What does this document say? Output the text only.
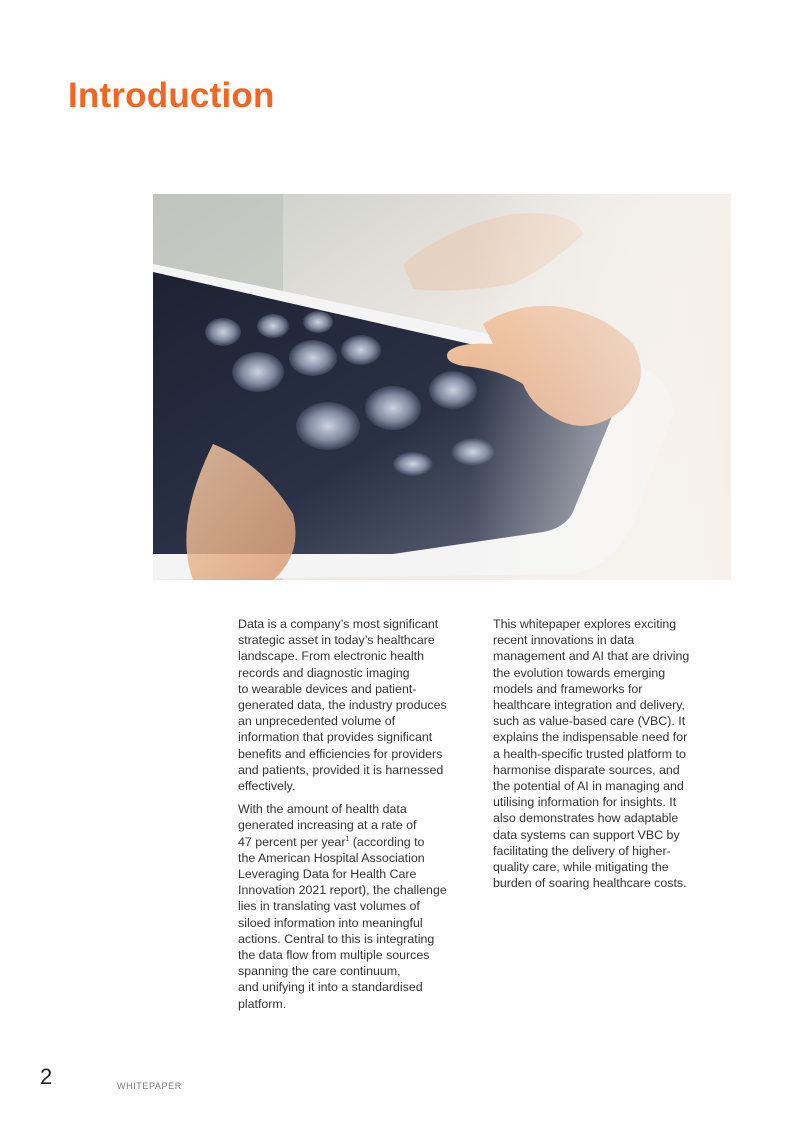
Introduction

Data is a company’s most significant
strategic asset in today’s healthcare
landscape. From electronic health
records and diagnostic imaging
to wearable devices and patient-
generated data, the industry produces
an unprecedented volume of
information that provides significant
benefits and efficiencies for providers
and patients, provided it is harnessed
effectively.

With the amount of health data
generated increasing at a rate of
47 percent per year$^1$ (according to
the American Hospital Association
Leveraging Data for Health Care
Innovation 2021 report), the challenge
lies in translating vast volumes of
siloed information into meaningful
actions. Central to this is integrating
the data flow from multiple sources
spanning the care continuum,
and unifying it into a standardised
platform.

This whitepaper explores exciting
recent innovations in data
management and AI that are driving
the evolution towards emerging
models and frameworks for
healthcare integration and delivery,
such as value-based care (VBC). It
explains the indispensable need for
a health-specific trusted platform to
harmonise disparate sources, and
the potential of AI in managing and
utilising information for insights. It
also demonstrates how adaptable
data systems can support VBC by
facilitating the delivery of higher-
quality care, while mitigating the
burden of soaring healthcare costs.

2	WHITEPAPER
